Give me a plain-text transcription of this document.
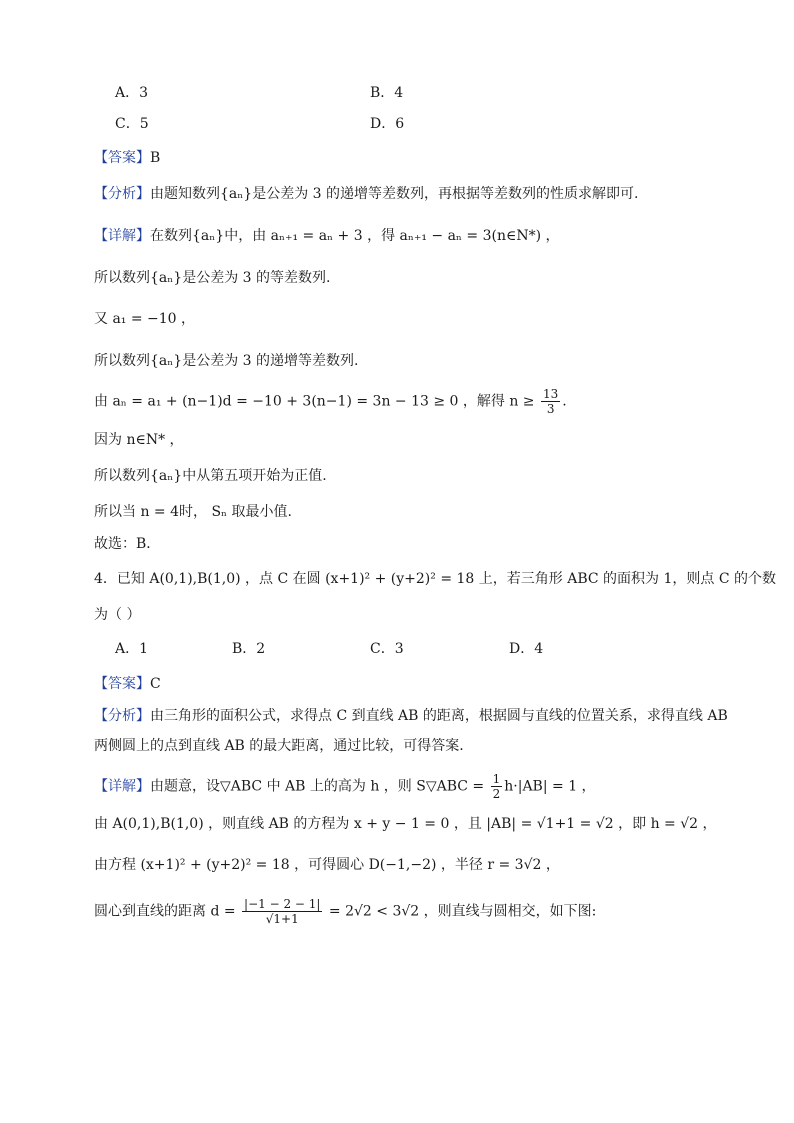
A．3	B．4
C．5	D．6
【答案】B
【分析】由题知数列{aₙ}是公差为 3 的递增等差数列，再根据等差数列的性质求解即可.
【详解】在数列{aₙ}中，由 aₙ₊₁ = aₙ + 3 ，得 aₙ₊₁ − aₙ = 3(n∈N*) ，
所以数列{aₙ}是公差为 3 的等差数列.
又 a₁ = −10 ，
所以数列{aₙ}是公差为 3 的递增等差数列.
由 aₙ = a₁ + (n−1)d = −10 + 3(n−1) = 3n − 13 ≥ 0 ，解得 $n \ge \frac{13}{3}$ .
因为 n∈N* ，
所以数列{aₙ}中从第五项开始为正值.
所以当 n = 4时， Sₙ 取最小值.
故选：B．
4．已知 A(0,1),B(1,0) ，点 C 在圆 (x+1)² + (y+2)² = 18 上，若三角形 ABC 的面积为 1，则点 C 的个数
为（ ）
A．1	B．2	C．3	D．4
【答案】C
【分析】由三角形的面积公式，求得点 C 到直线 AB 的距离，根据圆与直线的位置关系，求得直线 AB
两侧圆上的点到直线 AB 的最大距离，通过比较，可得答案.
【详解】由题意，设▽ABC 中 AB 上的高为 h ，则 S▽ABC = $\frac{1}{2} h\cdot|AB| = 1$ ，
由 A(0,1),B(1,0) ，则直线 AB 的方程为 x + y − 1 = 0 ，且 |AB| = √1+1 = √2 ，即 h = √2 ，
由方程 (x+1)² + (y+2)² = 18 ，可得圆心 D(−1,−2) ，半径 r = 3√2 ，
圆心到直线的距离 $d = \frac{|-1 - 2 - 1|}{√1+1} = 2√2 < 3√2$ ，则直线与圆相交，如下图:
